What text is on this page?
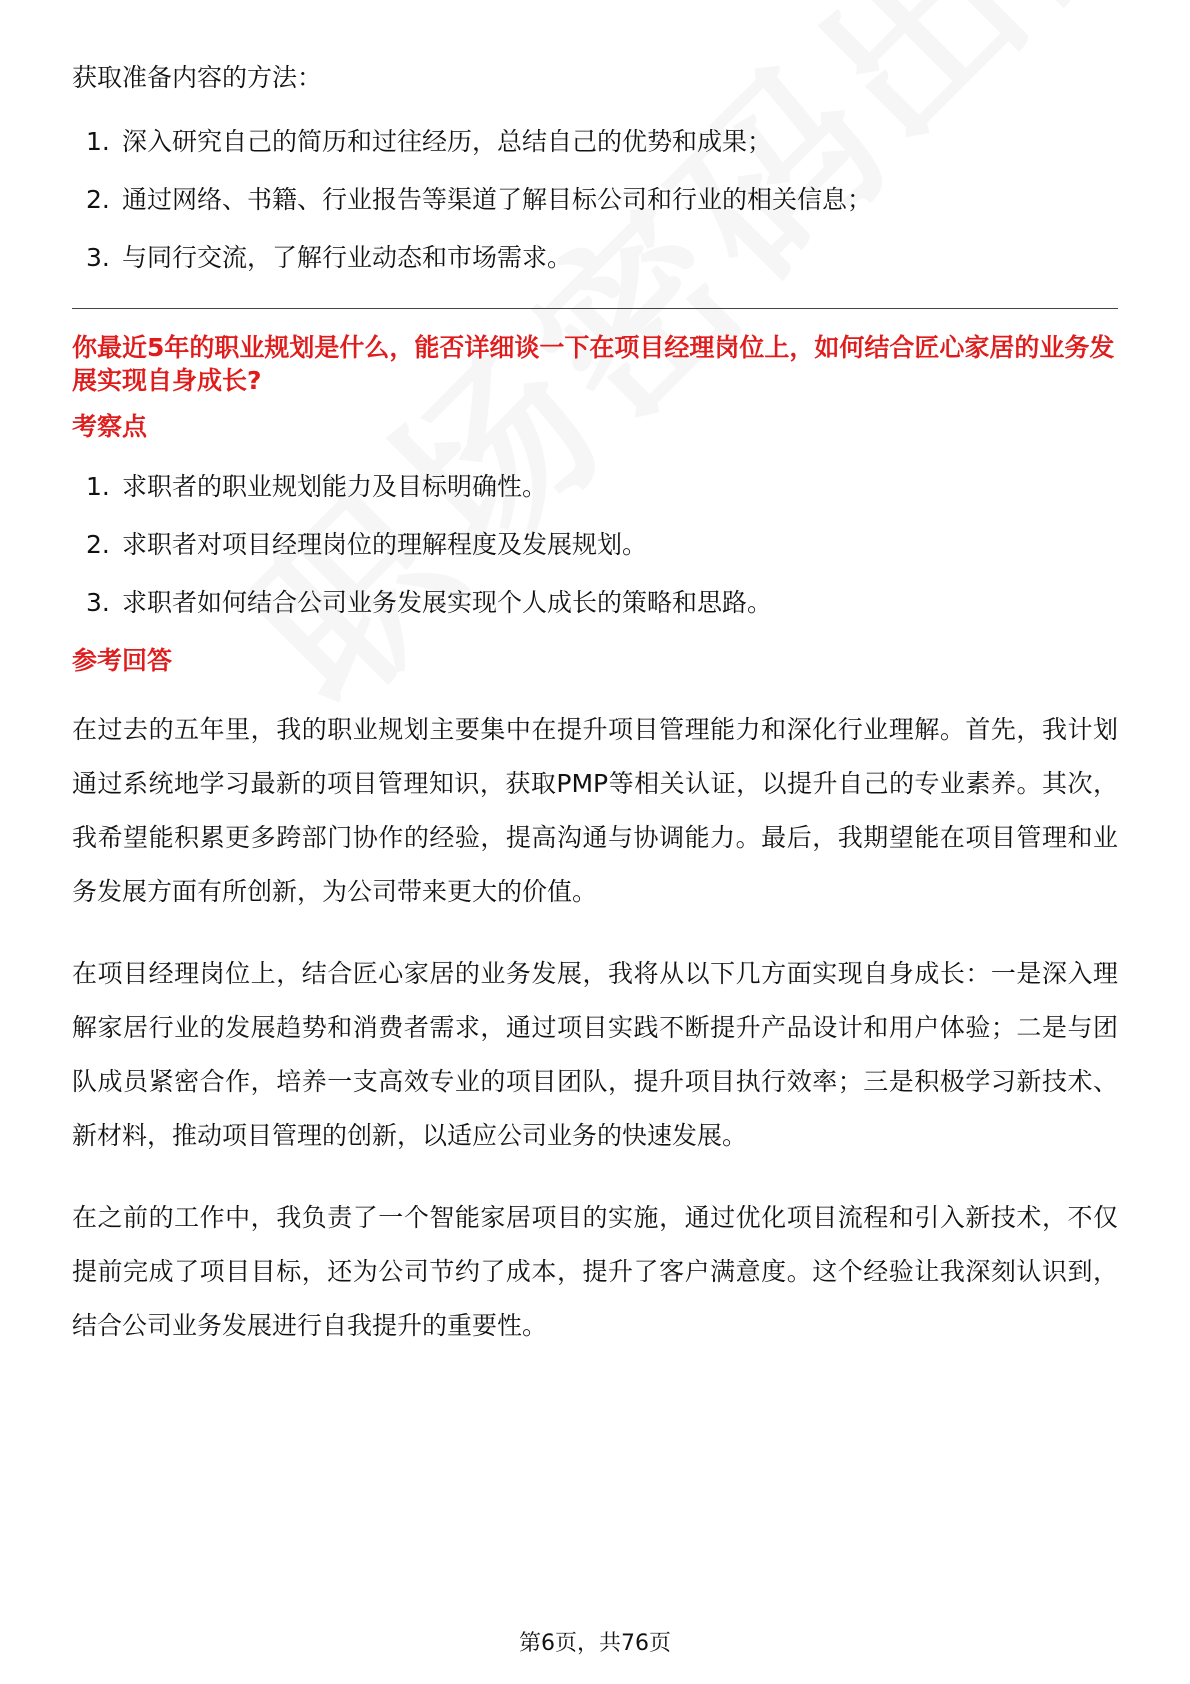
获取准备内容的方法：

1. 深入研究自己的简历和过往经历，总结自己的优势和成果；
2. 通过网络、书籍、行业报告等渠道了解目标公司和行业的相关信息；
3. 与同行交流，了解行业动态和市场需求。

你最近5年的职业规划是什么，能否详细谈一下在项目经理岗位上，如何结合匠心家居的业务发展实现自身成长?

考察点

1. 求职者的职业规划能力及目标明确性。
2. 求职者对项目经理岗位的理解程度及发展规划。
3. 求职者如何结合公司业务发展实现个人成长的策略和思路。

参考回答

在过去的五年里，我的职业规划主要集中在提升项目管理能力和深化行业理解。首先，我计划通过系统地学习最新的项目管理知识，获取PMP等相关认证，以提升自己的专业素养。其次，我希望能积累更多跨部门协作的经验，提高沟通与协调能力。最后，我期望能在项目管理和业务发展方面有所创新，为公司带来更大的价值。

在项目经理岗位上，结合匠心家居的业务发展，我将从以下几方面实现自身成长：一是深入理解家居行业的发展趋势和消费者需求，通过项目实践不断提升产品设计和用户体验；二是与团队成员紧密合作，培养一支高效专业的项目团队，提升项目执行效率；三是积极学习新技术、新材料，推动项目管理的创新，以适应公司业务的快速发展。

在之前的工作中，我负责了一个智能家居项目的实施，通过优化项目流程和引入新技术，不仅提前完成了项目目标，还为公司节约了成本，提升了客户满意度。这个经验让我深刻认识到，结合公司业务发展进行自我提升的重要性。

第6页，共76页
